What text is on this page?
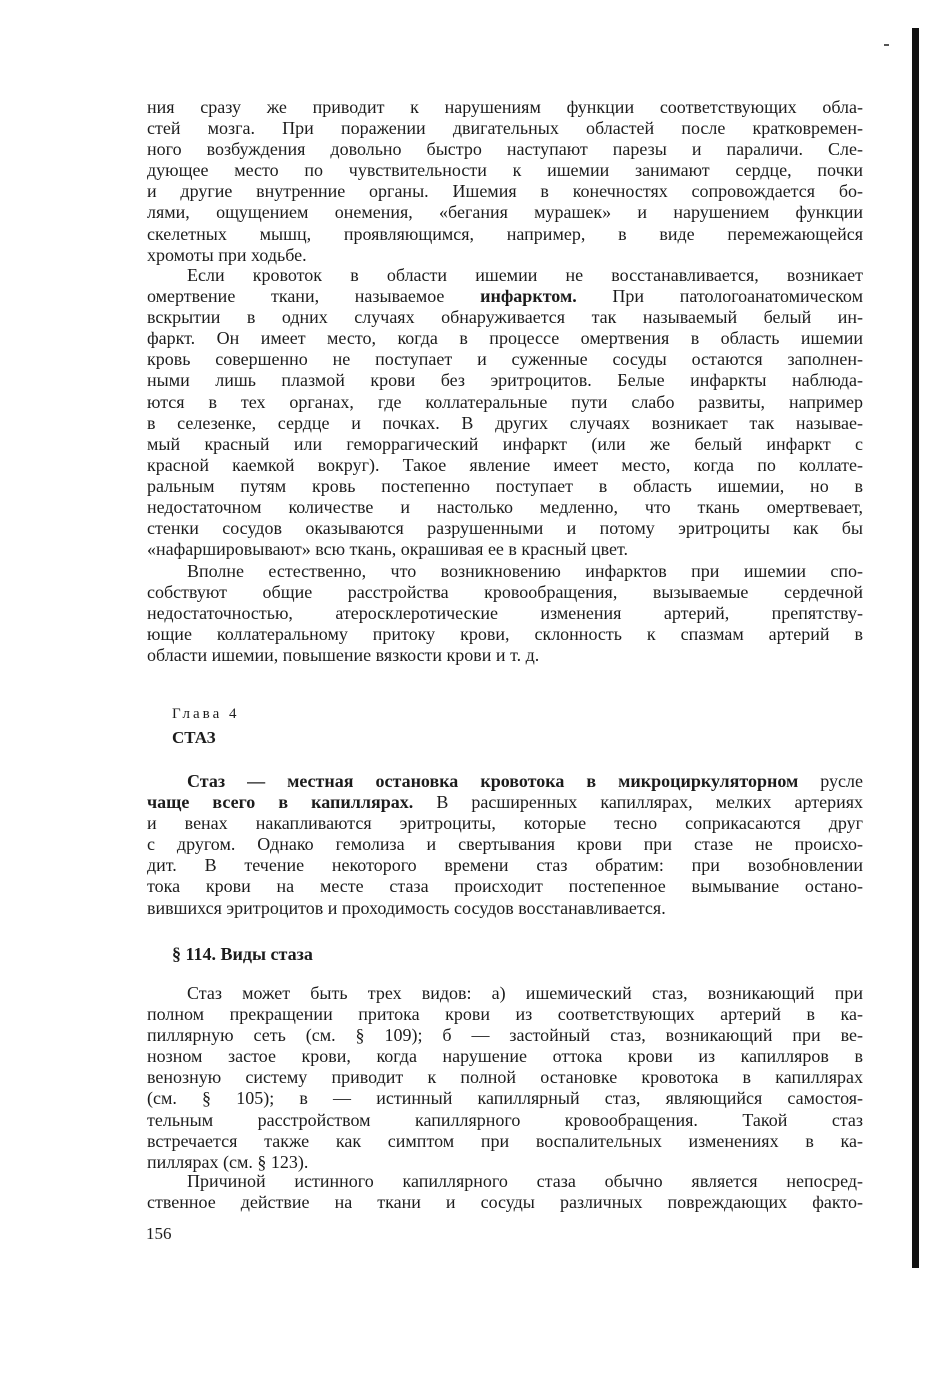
ния сразу же приводит к нарушениям функции соответствующих обла-
стей мозга. При поражении двигательных областей после кратковремен-
ного возбуждения довольно быстро наступают парезы и параличи. Сле-
дующее место по чувствительности к ишемии занимают сердце, почки
и другие внутренние органы. Ишемия в конечностях сопровождается бо-
лями, ощущением онемения, «бегания мурашек» и нарушением функции
скелетных мышц, проявляющимся, например, в виде перемежающейся
хромоты при ходьбе.
Если кровоток в области ишемии не восстанавливается, возникает
омертвение ткани, называемое инфарктом. При патологоанатомическом
вскрытии в одних случаях обнаруживается так называемый белый ин-
фаркт. Он имеет место, когда в процессе омертвения в область ишемии
кровь совершенно не поступает и суженные сосуды остаются заполнен-
ными лишь плазмой крови без эритроцитов. Белые инфаркты наблюда-
ются в тех органах, где коллатеральные пути слабо развиты, например
в селезенке, сердце и почках. В других случаях возникает так называе-
мый красный или геморрагический инфаркт (или же белый инфаркт с
красной каемкой вокруг). Такое явление имеет место, когда по коллате-
ральным путям кровь постепенно поступает в область ишемии, но в
недостаточном количестве и настолько медленно, что ткань омертвевает,
стенки сосудов оказываются разрушенными и потому эритроциты как бы
«нафаршировывают» всю ткань, окрашивая ее в красный цвет.
Вполне естественно, что возникновению инфарктов при ишемии спо-
собствуют общие расстройства кровообращения, вызываемые сердечной
недостаточностью, атеросклеротические изменения артерий, препятству-
ющие коллатеральному притоку крови, склонность к спазмам артерий в
области ишемии, повышение вязкости крови и т. д.
Глава 4
СТАЗ
Стаз — местная остановка кровотока в микроциркуляторном русле
чаще всего в капиллярах. В расширенных капиллярах, мелких артериях
и венах накапливаются эритроциты, которые тесно соприкасаются друг
с другом. Однако гемолиза и свертывания крови при стазе не происхо-
дит. В течение некоторого времени стаз обратим: при возобновлении
тока крови на месте стаза происходит постепенное вымывание остано-
вившихся эритроцитов и проходимость сосудов восстанавливается.
§ 114. Виды стаза
Стаз может быть трех видов: а) ишемический стаз, возникающий при
полном прекращении притока крови из соответствующих артерий в ка-
пиллярную сеть (см. § 109); б — застойный стаз, возникающий при ве-
нозном застое крови, когда нарушение оттока крови из капилляров в
венозную систему приводит к полной остановке кровотока в капиллярах
(см. § 105); в — истинный капиллярный стаз, являющийся самостоя-
тельным расстройством капиллярного кровообращения. Такой стаз
встречается также как симптом при воспалительных изменениях в ка-
пиллярах (см. § 123).
Причиной истинного капиллярного стаза обычно является непосред-
ственное действие на ткани и сосуды различных повреждающих факто-
156
